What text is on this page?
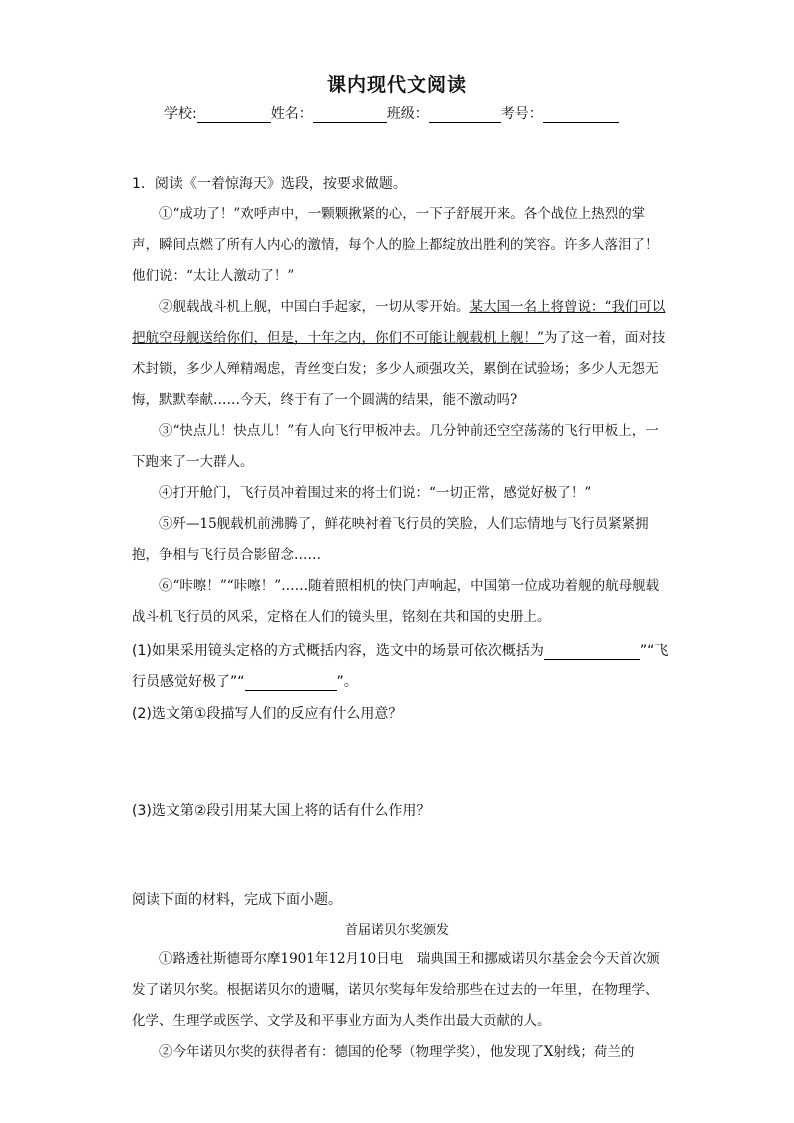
课内现代文阅读
学校:	姓名：	班级：	考号：
1．阅读《一着惊海天》选段，按要求做题。
①“成功了！”欢呼声中，一颗颗揪紧的心，一下子舒展开来。各个战位上热烈的掌声，瞬间点燃了所有人内心的激情，每个人的脸上都绽放出胜利的笑容。许多人落泪了！他们说：“太让人激动了！”
②舰载战斗机上舰，中国白手起家，一切从零开始。某大国一名上将曾说：“我们可以把航空母舰送给你们，但是，十年之内，你们不可能让舰载机上舰！”为了这一着，面对技术封锁，多少人殚精竭虑，青丝变白发；多少人顽强攻关，累倒在试验场；多少人无怨无悔，默默奉献……今天，终于有了一个圆满的结果，能不激动吗?
③“快点儿！快点儿！”有人向飞行甲板冲去。几分钟前还空空荡荡的飞行甲板上，一下跑来了一大群人。
④打开舱门，飞行员冲着围过来的将士们说：“一切正常，感觉好极了！”
⑤歼—15舰载机前沸腾了，鲜花映衬着飞行员的笑脸，人们忘情地与飞行员紧紧拥抱，争相与飞行员合影留念……
⑥“咔嚓！”“咔嚓！”……随着照相机的快门声响起，中国第一位成功着舰的航母舰载战斗机飞行员的风采，定格在人们的镜头里，铭刻在共和国的史册上。
(1)如果采用镜头定格的方式概括内容，选文中的场景可依次概括为	”“飞
行员感觉好极了”“	”。
(2)选文第①段描写人们的反应有什么用意？
(3)选文第②段引用某大国上将的话有什么作用？
阅读下面的材料，完成下面小题。
首届诺贝尔奖颁发
①路透社斯德哥尔摩1901年12月10日电　瑞典国王和挪威诺贝尔基金会今天首次颁发了诺贝尔奖。根据诺贝尔的遗嘱，诺贝尔奖每年发给那些在过去的一年里，在物理学、化学、生理学或医学、文学及和平事业方面为人类作出最大贡献的人。
②今年诺贝尔奖的获得者有：德国的伦琴（物理学奖），他发现了X射线；荷兰的
